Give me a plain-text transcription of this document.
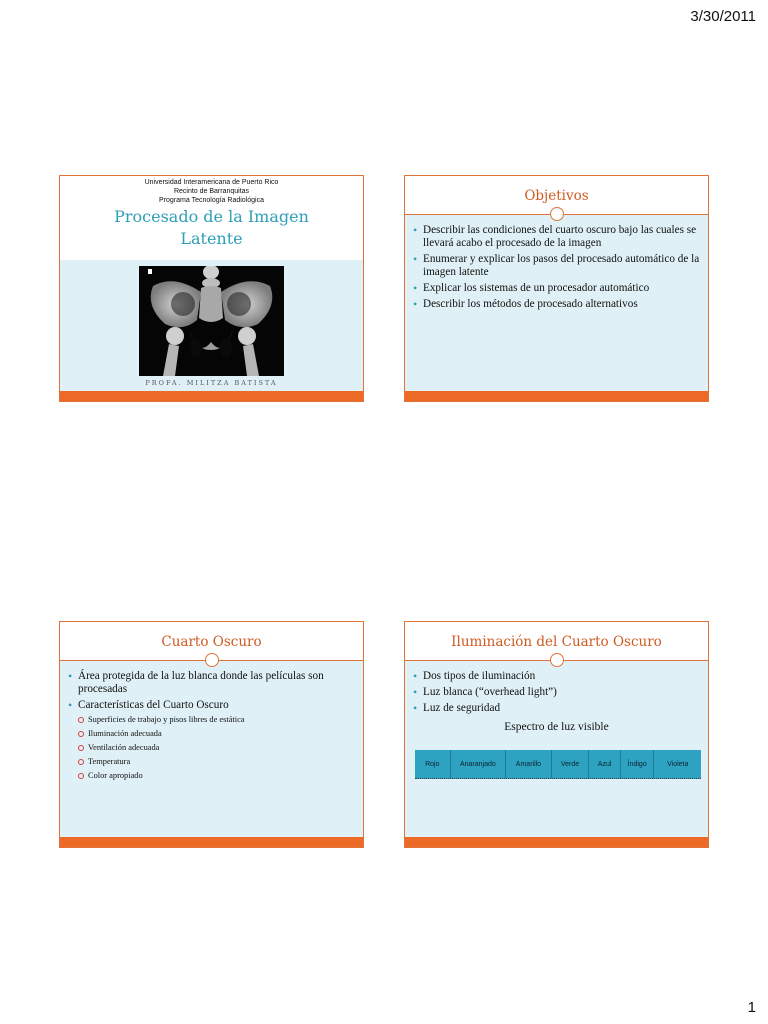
3/30/2011
Universidad Interamericana de Puerto Rico
Recinto de Barranquitas
Programa Tecnología Radiológica
Procesado de la Imagen
Latente
PROFA. MILITZA BATISTA
Objetivos
• Describir las condiciones del cuarto oscuro bajo las cuales se llevará acabo el procesado de la imagen
• Enumerar y explicar los pasos del procesado automático de la imagen latente
• Explicar los sistemas de un procesador automático
• Describir los métodos de procesado alternativos
Cuarto Oscuro
• Área protegida de la luz blanca donde las películas son procesadas
• Características del Cuarto Oscuro
Superficies de trabajo y pisos libres de estática
Iluminación adecuada
Ventilación adecuada
Temperatura
Color apropiado
Iluminación del Cuarto Oscuro
• Dos tipos de iluminación
• Luz blanca (“overhead light”)
• Luz de seguridad
Espectro de luz visible
Rojo	Anaranjado	Amarillo	Verde	Azul	Índigo	Violeta
1
